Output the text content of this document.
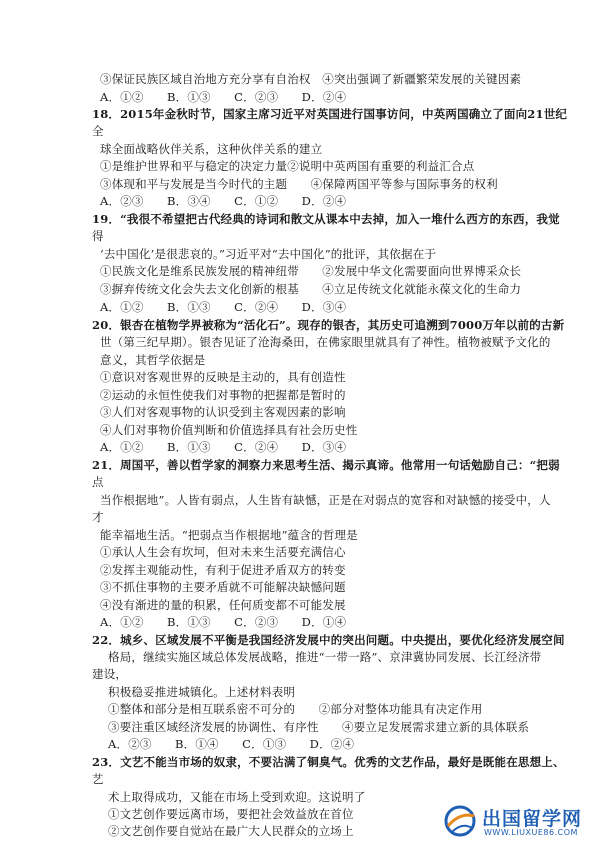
③保证民族区域自治地方充分享有自治权　④突出强调了新疆繁荣发展的关键因素
A．①②　　B．①③　　C．②③　　D．②④
18．2015年金秋时节，国家主席习近平对英国进行国事访问，中英两国确立了面向21世纪
全
球全面战略伙伴关系，这种伙伴关系的建立
①是维护世界和平与稳定的决定力量②说明中英两国有重要的利益汇合点
③体现和平与发展是当今时代的主题　　④保障两国平等参与国际事务的权利
A．②③　　B．③④　　C．①②　　D．②④
19．“我很不希望把古代经典的诗词和散文从课本中去掉，加入一堆什么西方的东西，我觉
得
‘去中国化’是很悲哀的。”习近平对“去中国化”的批评，其依据在于
①民族文化是维系民族发展的精神纽带　　②发展中华文化需要面向世界博采众长
③摒弃传统文化会失去文化创新的根基　　④立足传统文化就能永葆文化的生命力
A．①②　　B．①③　　C．②④　　D．③④
20．银杏在植物学界被称为“活化石”。现存的银杏，其历史可追溯到7000万年以前的古新
世（第三纪早期）。银杏见证了沧海桑田，在佛家眼里就具有了神性。植物被赋予文化的
意义，其哲学依据是
①意识对客观世界的反映是主动的，具有创造性
②运动的永恒性使我们对事物的把握都是暂时的
③人们对客观事物的认识受到主客观因素的影响
④人们对事物价值判断和价值选择具有社会历史性
A．①②　　B．①③　　C．②④　　D．③④
21．周国平，善以哲学家的洞察力来思考生活、揭示真谛。他常用一句话勉励自己：“把弱
点
当作根据地”。人皆有弱点，人生皆有缺憾，正是在对弱点的宽容和对缺憾的接受中，人
才
能幸福地生活。“把弱点当作根据地”蕴含的哲理是
①承认人生会有坎坷，但对未来生活要充满信心
②发挥主观能动性，有利于促进矛盾双方的转变
③不抓住事物的主要矛盾就不可能解决缺憾问题
④没有渐进的量的积累，任何质变都不可能发展
A．①②　　B．①③　　C．②③　　D．①④
22．城乡、区域发展不平衡是我国经济发展中的突出问题。中央提出，要优化经济发展空间
格局，继续实施区域总体发展战略，推进“一带一路”、京津冀协同发展、长江经济带
建设，
积极稳妥推进城镇化。上述材料表明
①整体和部分是相互联系密不可分的　　②部分对整体功能具有决定作用
③要注重区域经济发展的协调性、有序性　　④要立足发展需求建立新的具体联系
A．②③　　B．①④　　C．①③　　D．②④
23．文艺不能当市场的奴隶，不要沾满了铜臭气。优秀的文艺作品，最好是既能在思想上、
艺
术上取得成功，又能在市场上受到欢迎。这说明了
①文艺创作要远离市场，要把社会效益放在首位
②文艺创作要自觉站在最广大人民群众的立场上
出国留学网
WWW.LIUXUE86.COM
